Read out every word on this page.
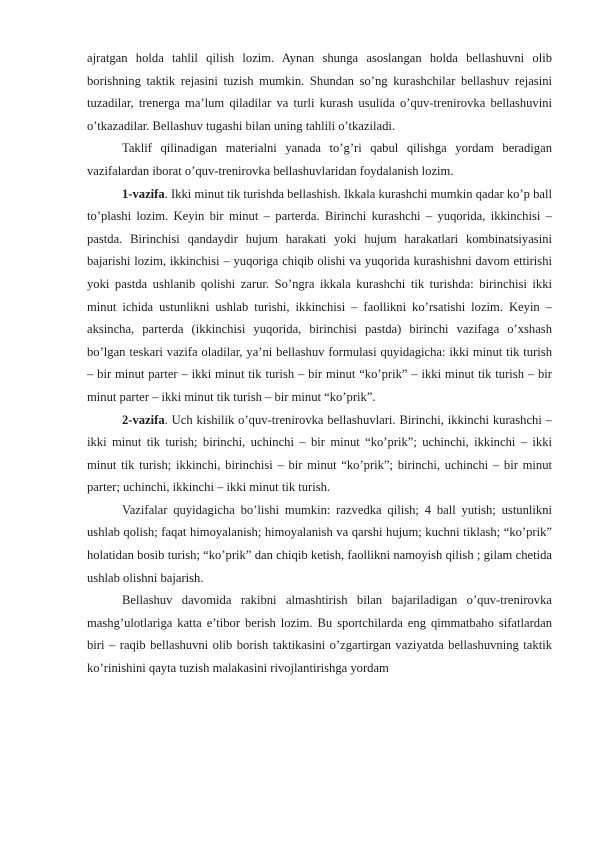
ajratgan holda tahlil qilish lozim. Aynan shunga asoslangan holda bellashuvni olib borishning taktik rejasini tuzish mumkin. Shundan so’ng kurashchilar bellashuv rejasini tuzadilar, trenerga ma’lum qiladilar va turli kurash usulida o’quv-trenirovka bellashuvini o’tkazadilar. Bellashuv tugashi bilan uning tahlili o’tkaziladi.

Taklif qilinadigan materialni yanada to’g’ri qabul qilishga yordam beradigan vazifalardan iborat o’quv-trenirovka bellashuvlaridan foydalanish lozim.

1-vazifa. Ikki minut tik turishda bellashish. Ikkala kurashchi mumkin qadar ko’p ball to’plashi lozim. Keyin bir minut – parterda. Birinchi kurashchi – yuqorida, ikkinchisi – pastda. Birinchisi qandaydir hujum harakati yoki hujum harakatlari kombinatsiyasini bajarishi lozim, ikkinchisi – yuqoriga chiqib olishi va yuqorida kurashishni davom ettirishi yoki pastda ushlanib qolishi zarur. So’ngra ikkala kurashchi tik turishda: birinchisi ikki minut ichida ustunlikni ushlab turishi, ikkinchisi – faollikni ko’rsatishi lozim. Keyin – aksincha, parterda (ikkinchisi yuqorida, birinchisi pastda) birinchi vazifaga o’xshash bo’lgan teskari vazifa oladilar, ya’ni bellashuv formulasi quyidagicha: ikki minut tik turish – bir minut parter – ikki minut tik turish – bir minut “ko’prik” – ikki minut tik turish – bir minut parter – ikki minut tik turish – bir minut “ko’prik”.

2-vazifa. Uch kishilik o’quv-trenirovka bellashuvlari. Birinchi, ikkinchi kurashchi – ikki minut tik turish; birinchi, uchinchi – bir minut “ko’prik”; uchinchi, ikkinchi – ikki minut tik turish; ikkinchi, birinchisi – bir minut “ko’prik”; birinchi, uchinchi – bir minut parter; uchinchi, ikkinchi – ikki minut tik turish.

Vazifalar quyidagicha bo’lishi mumkin: razvedka qilish; 4 ball yutish; ustunlikni ushlab qolish; faqat himoyalanish; himoyalanish va qarshi hujum; kuchni tiklash; “ko’prik” holatidan bosib turish; “ko’prik” dan chiqib ketish, faollikni namoyish qilish ; gilam chetida ushlab olishni bajarish.

Bellashuv davomida rakibni almashtirish bilan bajariladigan o’quv-trenirovka mashg’ulotlariga katta e’tibor berish lozim. Bu sportchilarda eng qimmatbaho sifatlardan biri – raqib bellashuvni olib borish taktikasini o’zgartirgan vaziyatda bellashuvning taktik ko’rinishini qayta tuzish malakasini rivojlantirishga yordam
